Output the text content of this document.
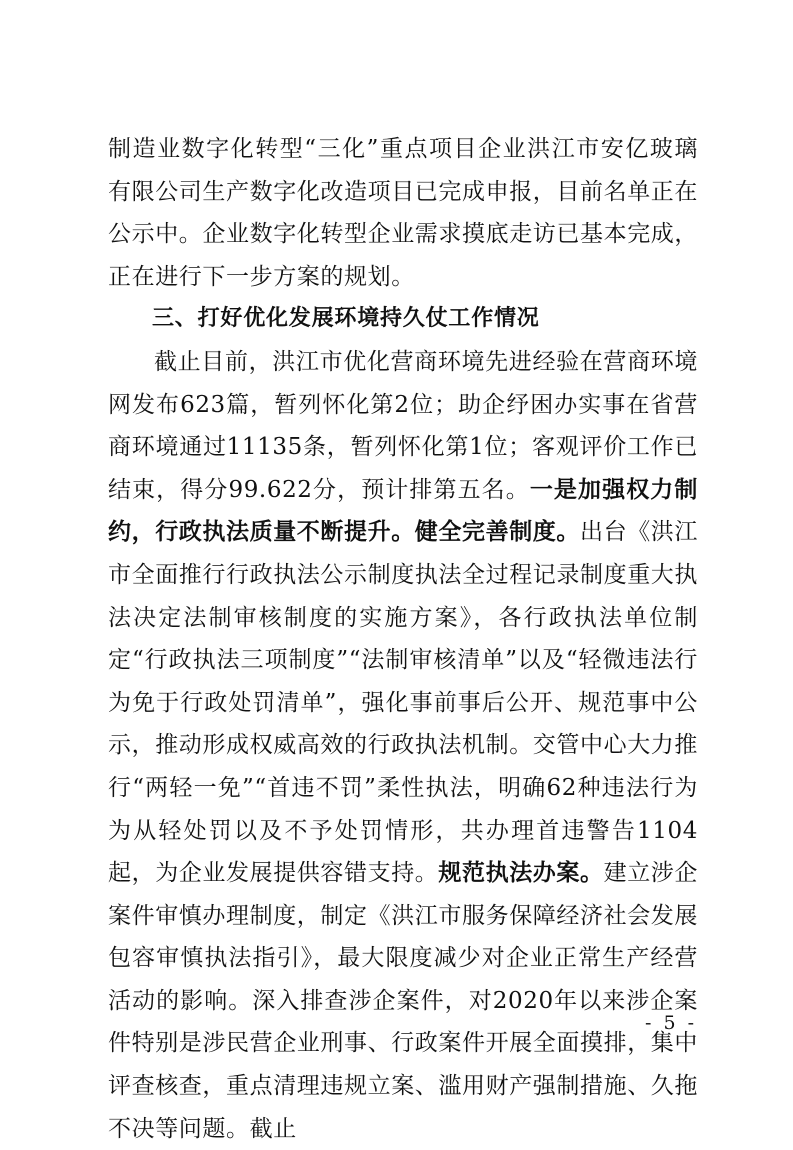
制造业数字化转型“三化”重点项目企业洪江市安亿玻璃有限公司生产数字化改造项目已完成申报，目前名单正在公示中。企业数字化转型企业需求摸底走访已基本完成，正在进行下一步方案的规划。

三、打好优化发展环境持久仗工作情况

截止目前，洪江市优化营商环境先进经验在营商环境网发布623篇，暂列怀化第2位；助企纾困办实事在省营商环境通过11135条，暂列怀化第1位；客观评价工作已结束，得分99.622分，预计排第五名。一是加强权力制约，行政执法质量不断提升。健全完善制度。出台《洪江市全面推行行政执法公示制度执法全过程记录制度重大执法决定法制审核制度的实施方案》，各行政执法单位制定“行政执法三项制度”“法制审核清单”以及“轻微违法行为免于行政处罚清单”，强化事前事后公开、规范事中公示，推动形成权威高效的行政执法机制。交管中心大力推行“两轻一免”“首违不罚”柔性执法，明确62种违法行为为从轻处罚以及不予处罚情形，共办理首违警告1104起，为企业发展提供容错支持。规范执法办案。建立涉企案件审慎办理制度，制定《洪江市服务保障经济社会发展包容审慎执法指引》，最大限度减少对企业正常生产经营活动的影响。深入排查涉企案件，对2020年以来涉企案件特别是涉民营企业刑事、行政案件开展全面摸排，集中评查核查，重点清理违规立案、滥用财产强制措施、久拖不决等问题。截止

- 5 -
